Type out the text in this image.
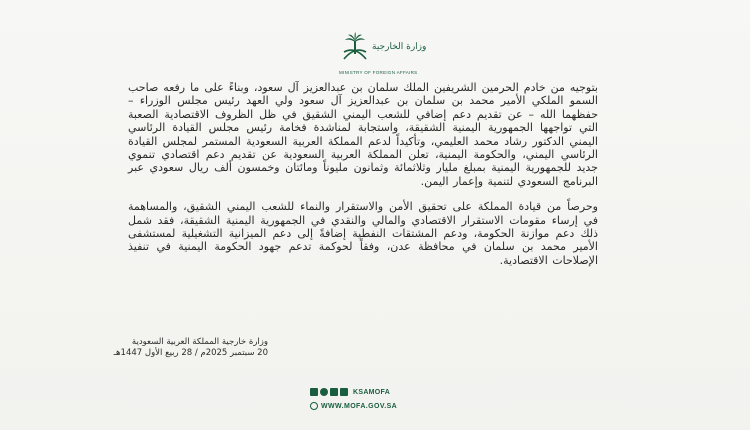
وزارة الخارجية
MINISTRY OF FOREIGN AFFAIRS

بتوجيه من خادم الحرمين الشريفين الملك سلمان بن عبدالعزيز آل سعود، وبناءً على ما رفعه صاحب السمو الملكي الأمير محمد بن سلمان بن عبدالعزيز آل سعود ولي العهد رئيس مجلس الوزراء – حفظهما الله – عن تقديم دعم إضافي للشعب اليمني الشقيق في ظل الظروف الاقتصادية الصعبة التي تواجهها الجمهورية اليمنية الشقيقة، واستجابة لمناشدة فخامة رئيس مجلس القيادة الرئاسي اليمني الدكتور رشاد محمد العليمي، وتأكيداً لدعم المملكة العربية السعودية المستمر لمجلس القيادة الرئاسي اليمني، والحكومة اليمنية، تعلن المملكة العربية السعودية عن تقديم دعم اقتصادي تنموي جديد للجمهورية اليمنية بمبلغ مليار وثلاثمائة وثمانون مليوناً ومائتان وخمسون ألف ريال سعودي عبر البرنامج السعودي لتنمية وإعمار اليمن.

وحرصاً من قيادة المملكة على تحقيق الأمن والاستقرار والنماء للشعب اليمني الشقيق، والمساهمة في إرساء مقومات الاستقرار الاقتصادي والمالي والنقدي في الجمهورية اليمنية الشقيقة، فقد شمل ذلك دعم موازنة الحكومة، ودعم المشتقات النفطية إضافةً إلى دعم الميزانية التشغيلية لمستشفى الأمير محمد بن سلمان في محافظة عدن، وفقاً لحوكمة تدعم جهود الحكومة اليمنية في تنفيذ الإصلاحات الاقتصادية.

وزارة خارجية المملكة العربية السعودية
20 سبتمبر 2025م / 28 ربيع الأول 1447هـ
KSAMOFA
WWW.MOFA.GOV.SA
